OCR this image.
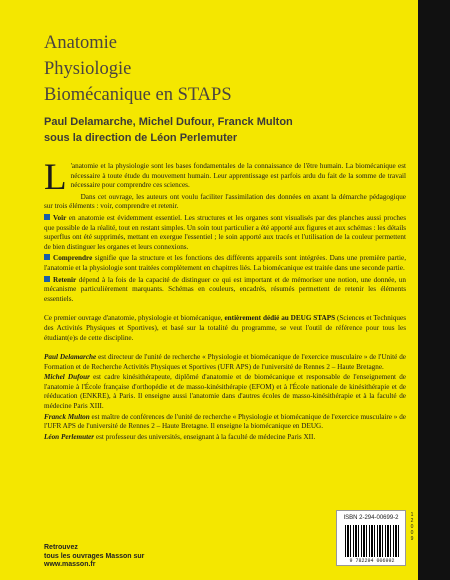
Anatomie
Physiologie
Biomécanique en STAPS
Paul Delamarche, Michel Dufour, Franck Multon
sous la direction de Léon Perlemuter
L 'anatomie et la physiologie sont les bases fondamentales de la connaissance de l'être humain. La biomécanique est nécessaire à toute étude du mouvement humain. Leur apprentissage est parfois ardu du fait de la somme de travail nécessaire pour comprendre ces sciences.
Dans cet ouvrage, les auteurs ont voulu faciliter l'assimilation des données en axant la démarche pédagogique sur trois éléments : voir, comprendre et retenir.
Voir en anatomie est évidemment essentiel. Les structures et les organes sont visualisés par des planches aussi proches que possible de la réalité, tout en restant simples. Un soin tout particulier a été apporté aux figures et aux schémas : les détails superflus ont été supprimés, mettant en exergue l'essentiel ; le soin apporté aux tracés et l'utilisation de la couleur permettent de bien distinguer les organes et leurs connexions.
Comprendre signifie que la structure et les fonctions des différents appareils sont intégrées. Dans une première partie, l'anatomie et la physiologie sont traitées complètement en chapitres liés. La biomécanique est traitée dans une seconde partie.
Retenir dépend à la fois de la capacité de distinguer ce qui est important et de mémoriser une notion, une donnée, un mécanisme particulièrement marquants. Schémas en couleurs, encadrés, résumés permettent de retenir les éléments essentiels.
Ce premier ouvrage d'anatomie, physiologie et biomécanique, entièrement dédié au DEUG STAPS (Sciences et Techniques des Activités Physiques et Sportives), et basé sur la totalité du programme, se veut l'outil de référence pour tous les étudiant(e)s de cette discipline.
Paul Delamarche est directeur de l'unité de recherche « Physiologie et biomécanique de l'exercice musculaire » de l'Unité de Formation et de Recherche Activités Physiques et Sportives (UFR APS) de l'université de Rennes 2 – Haute Bretagne.
Michel Dufour est cadre kinésithérapeute, diplômé d'anatomie et de biomécanique et responsable de l'enseignement de l'anatomie à l'École française d'orthopédie et de masso-kinésithérapie (EFOM) et à l'École nationale de kinésithérapie et de rééducation (ENKRE), à Paris. Il enseigne aussi l'anatomie dans d'autres écoles de masso-kinésithérapie et à la faculté de médecine Paris XIII.
Franck Multon est maître de conférences de l'unité de recherche « Physiologie et biomécanique de l'exercice musculaire » de l'UFR APS de l'université de Rennes 2 – Haute Bretagne. Il enseigne la biomécanique en DEUG.
Léon Perlemuter est professeur des universités, enseignant à la faculté de médecine Paris XII.
ISBN 2-294-00699-2
9 782294 006992
1
2
0
0
9
Retrouvez
tous les ouvrages Masson sur
www.masson.fr
